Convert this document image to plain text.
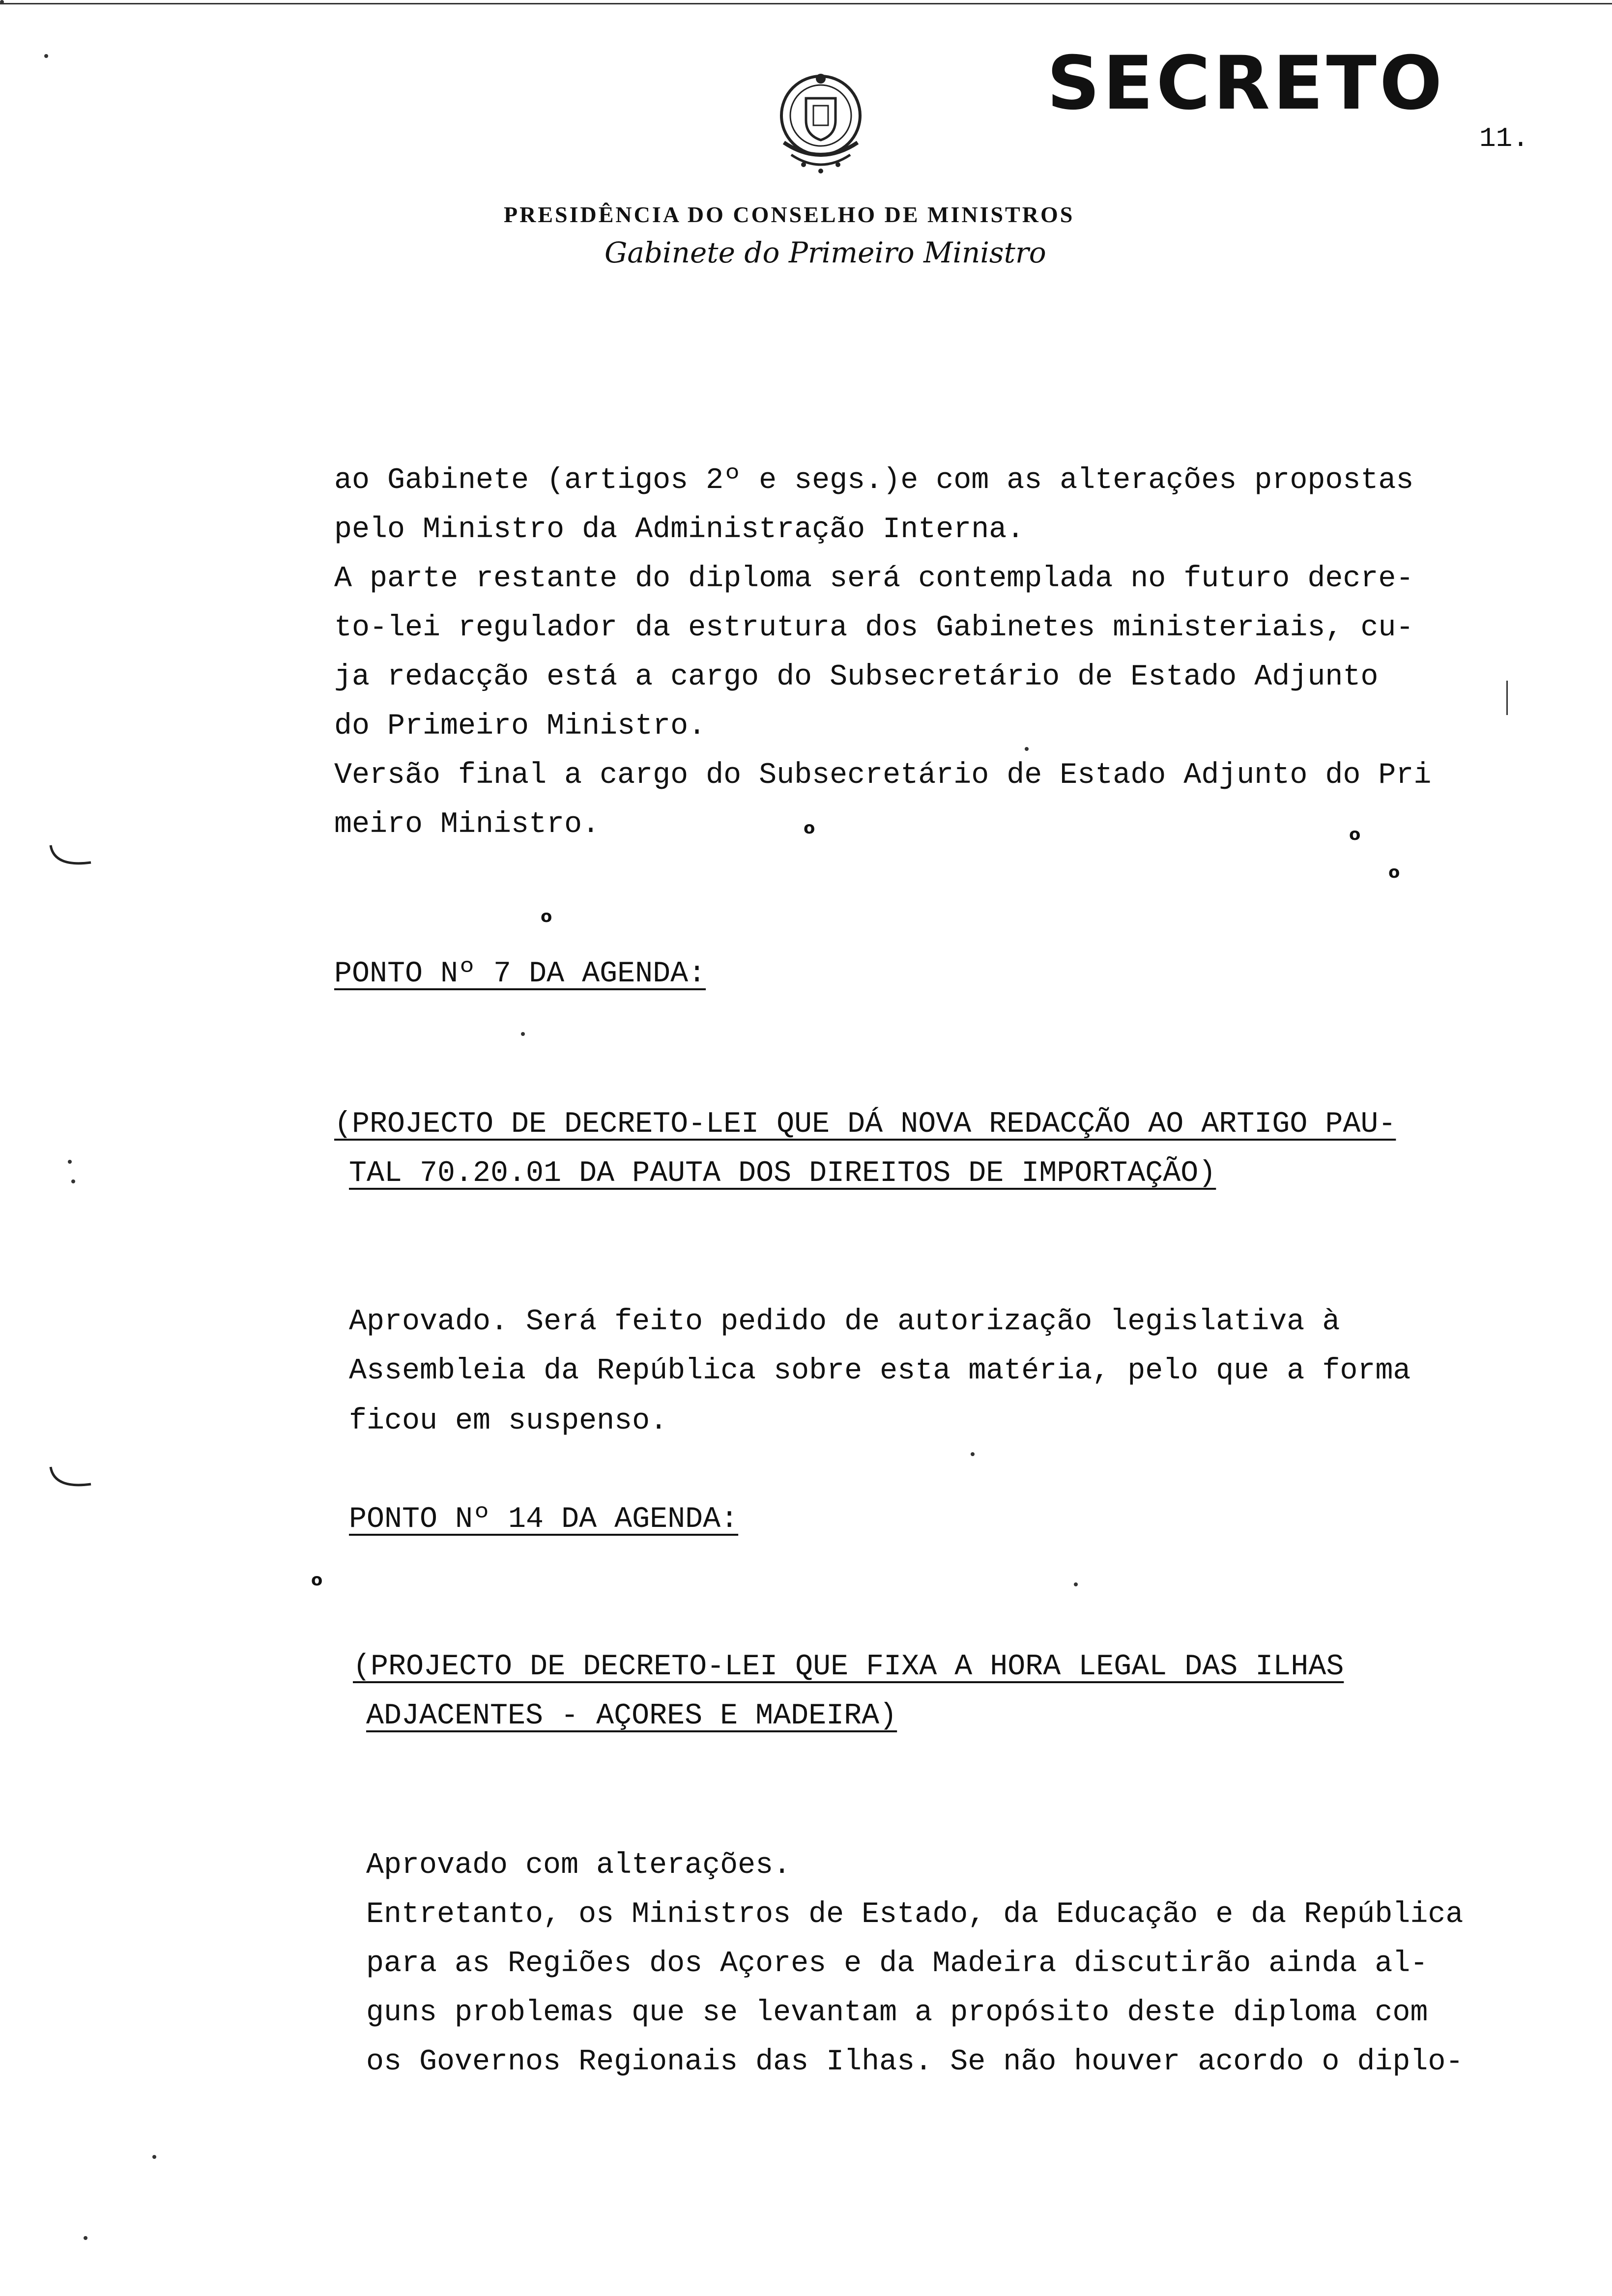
SECRETO
11.
PRESIDÊNCIA DO CONSELHO DE MINISTROS
Gabinete do Primeiro Ministro
ao Gabinete (artigos 2º e segs.)e com as alterações propostas
pelo Ministro da Administração Interna.
A parte restante do diploma será contemplada no futuro decre-
to-lei regulador da estrutura dos Gabinetes ministeriais, cu-
ja redacção está a cargo do Subsecretário de Estado Adjunto
do Primeiro Ministro.
Versão final a cargo do Subsecretário de Estado Adjunto do Pri
meiro Ministro.
PONTO Nº 7 DA AGENDA:
(PROJECTO DE DECRETO-LEI QUE DÁ NOVA REDACÇÃO AO ARTIGO PAU-
TAL 70.20.01 DA PAUTA DOS DIREITOS DE IMPORTAÇÃO)
Aprovado. Será feito pedido de autorização legislativa à
Assembleia da República sobre esta matéria, pelo que a forma
ficou em suspenso.
PONTO Nº 14 DA AGENDA:
(PROJECTO DE DECRETO-LEI QUE FIXA A HORA LEGAL DAS ILHAS
ADJACENTES - AÇORES E MADEIRA)
Aprovado com alterações.
Entretanto, os Ministros de Estado, da Educação e da República
para as Regiões dos Açores e da Madeira discutirão ainda al-
guns problemas que se levantam a propósito deste diploma com
os Governos Regionais das Ilhas. Se não houver acordo o diplo-
o	o
o
o
o
